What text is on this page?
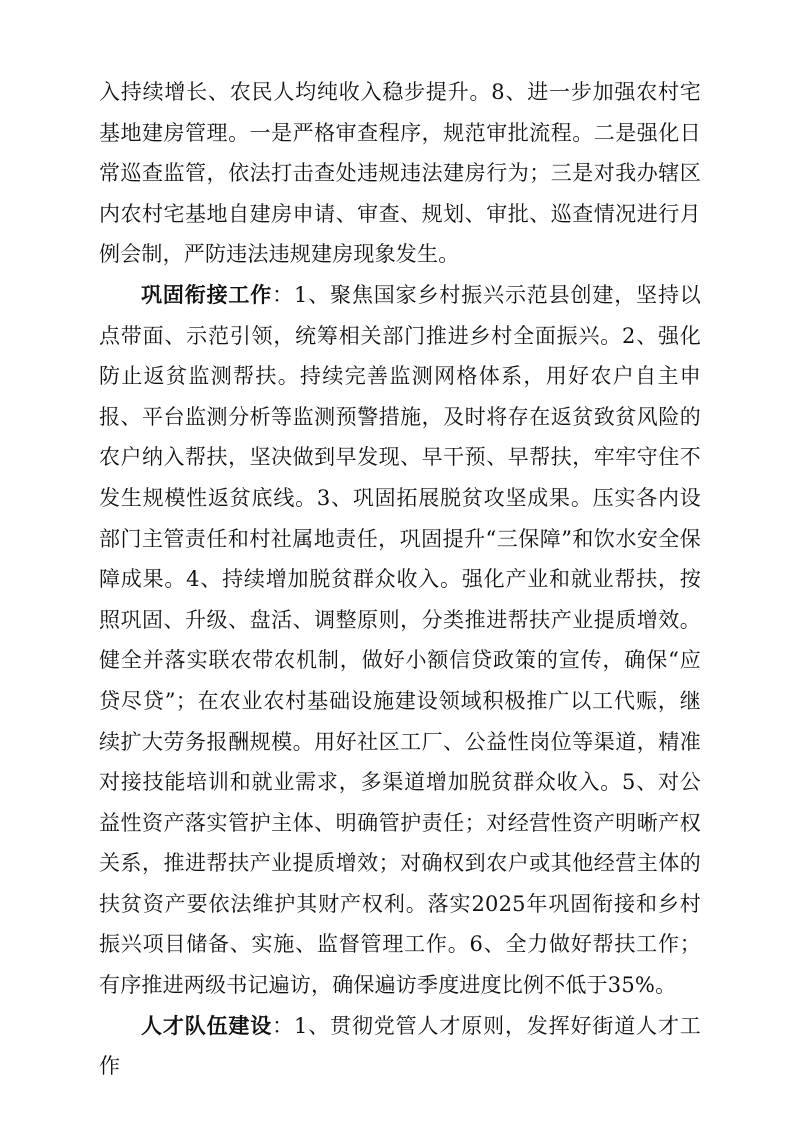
入持续增长、农民人均纯收入稳步提升。8、进一步加强农村宅基地建房管理。一是严格审查程序，规范审批流程。二是强化日常巡查监管，依法打击查处违规违法建房行为；三是对我办辖区内农村宅基地自建房申请、审查、规划、审批、巡查情况进行月例会制，严防违法违规建房现象发生。

巩固衔接工作：1、聚焦国家乡村振兴示范县创建，坚持以点带面、示范引领，统筹相关部门推进乡村全面振兴。2、强化防止返贫监测帮扶。持续完善监测网格体系，用好农户自主申报、平台监测分析等监测预警措施，及时将存在返贫致贫风险的农户纳入帮扶，坚决做到早发现、早干预、早帮扶，牢牢守住不发生规模性返贫底线。3、巩固拓展脱贫攻坚成果。压实各内设部门主管责任和村社属地责任，巩固提升“三保障”和饮水安全保障成果。4、持续增加脱贫群众收入。强化产业和就业帮扶，按照巩固、升级、盘活、调整原则，分类推进帮扶产业提质增效。健全并落实联农带农机制，做好小额信贷政策的宣传，确保“应贷尽贷”；在农业农村基础设施建设领域积极推广以工代赈，继续扩大劳务报酬规模。用好社区工厂、公益性岗位等渠道，精准对接技能培训和就业需求，多渠道增加脱贫群众收入。5、对公益性资产落实管护主体、明确管护责任；对经营性资产明晰产权关系，推进帮扶产业提质增效；对确权到农户或其他经营主体的扶贫资产要依法维护其财产权利。落实2025年巩固衔接和乡村振兴项目储备、实施、监督管理工作。6、全力做好帮扶工作；有序推进两级书记遍访，确保遍访季度进度比例不低于35%。

人才队伍建设：1、贯彻党管人才原则，发挥好街道人才工作
